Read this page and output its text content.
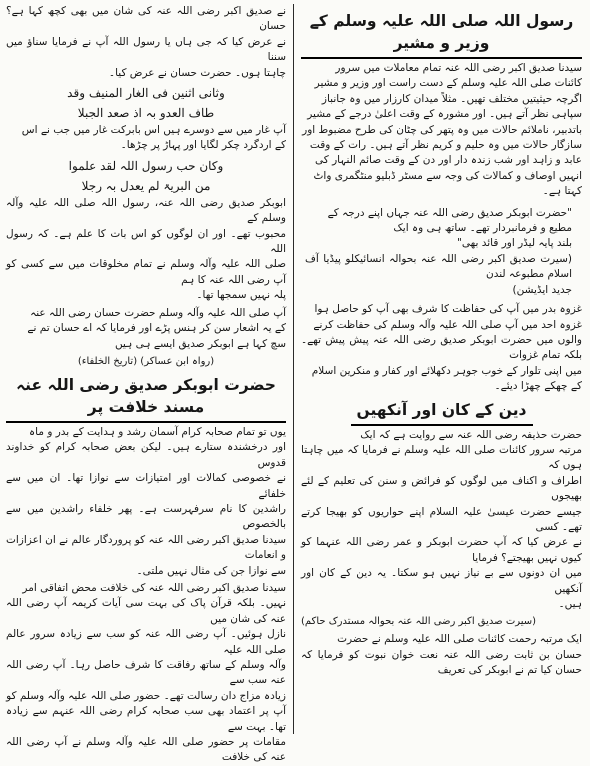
رسول اللہ صلی اللہ علیہ وسلم کے وزیر و مشیر
سیدنا صدیق اکبر رضی اللہ عنہ تمام معاملات میں سرور
کائنات صلی اللہ علیہ وسلم کے دست راست اور وزیر و مشیر
اگرچہ حیثیتیں مختلف تھیں۔ مثلاً میدان کارزار میں وہ جانباز
سپاہی نظر آتے ہیں۔ اور مشورہ کے وقت اعلیٰ درجے کے مشیر
باتدبیر، ناملائم حالات میں وہ پتھر کی چٹان کی طرح مضبوط اور
سازگار حالات میں وہ حلیم و کریم نظر آتے ہیں۔ رات کے وقت
عابد و زاہد اور شب زندہ دار اور دن کے وقت صائم النہار کی
انہیں اوصاف و کمالات کی وجہ سے مسٹر ڈبلیو منٹگمری واٹ
کہتا ہے۔
"حضرت ابوبکر صدیق رضی اللہ عنہ جہاں اپنے درجہ کے
مطیع و فرمانبردار تھے۔ ساتھ ہی وہ ایک
بلند پایہ لیڈر اور قائد بھی"
(سیرت صدیق اکبر رضی اللہ عنہ بحوالہ انسائیکلو پیڈیا آف اسلام مطبوعہ لندن
جدید ایڈیشن)
غزوہ بدر میں آپ کی حفاظت کا شرف بھی آپ کو حاصل ہوا
غزوہ احد میں آپ صلی اللہ علیہ وآلہ وسلم کی حفاظت کرنے
والوں میں حضرت ابوبکر صدیق رضی اللہ عنہ پیش پیش تھے۔ بلکہ تمام غزوات
میں اپنی تلوار کے خوب جوہر دکھلائے اور کفار و منکرین اسلام
کے چھکے چھڑا دیئے۔
دین کے کان اور آنکھیں
حضرت حذیفہ رضی اللہ عنہ سے روایت ہے کہ ایک
مرتبہ سرور کائنات صلی اللہ علیہ وسلم نے فرمایا کہ میں چاہتا ہوں کہ
اطراف و اکناف میں لوگوں کو فرائض و سنن کی تعلیم کے لئے بھیجوں
جیسے حضرت عیسیٰ علیہ السلام اپنے حواریوں کو بھیجا کرتے تھے۔ کسی
نے عرض کیا کہ آپ حضرت ابوبکر و عمر رضی اللہ عنہما کو کیوں نہیں بھیجتے؟ فرمایا
میں ان دونوں سے بے نیاز نہیں ہو سکتا۔ یہ دین کے کان اور آنکھیں
ہیں۔
(سیرت صدیق اکبر رضی اللہ عنہ بحوالہ مستدرک حاکم)
ایک مرتبہ رحمت کائنات صلی اللہ علیہ وسلم نے حضرت
حسان بن ثابت رضی اللہ عنہ نعت خوان نبوت کو فرمایا کہ حسان کیا تم نے ابوبکر کی تعریف
نے صدیق اکبر رضی اللہ عنہ کی شان میں بھی کچھ کہا ہے؟ حسان
نے عرض کیا کہ جی ہاں یا رسول اللہ آپ نے فرمایا سناؤ میں سننا
چاہتا ہوں۔ حضرت حسان نے عرض کیا۔
وثانی اثنین فی الغار المنیف وقد
طاف العدو بہ اذ صعد الجبلا
آپ غار میں سے دوسرے ہیں اس بابرکت غار میں جب نے اس
کے اردگرد چکر لگایا اور پہاڑ پر چڑھا۔
وکان حب رسول اللہ لقد علموا
من البریۃ لم یعدل بہ رجلا
ابوبکر صدیق رضی اللہ عنہ، رسول اللہ صلی اللہ علیہ وآلہ وسلم کے
محبوب تھے۔ اور ان لوگوں کو اس بات کا علم ہے۔ کہ رسول اللہ
صلی اللہ علیہ وآلہ وسلم نے تمام مخلوقات میں سے کسی کو آپ رضی اللہ عنہ کا ہم
پلہ نہیں سمجھا تھا۔
آپ صلی اللہ علیہ وآلہ وسلم حضرت حسان رضی اللہ عنہ
کے یہ اشعار سن کر ہنس پڑے اور فرمایا کہ اے حسان تم نے
سچ کہا ہے ابوبکر صدیق ایسے ہی ہیں
(رواہ ابن عساکر) (تاریخ الخلفاء)
حضرت ابوبکر صدیق رضی اللہ عنہ مسند خلافت پر
یوں تو تمام صحابہ کرام آسمان رشد و ہدایت کے بدر و ماہ
اور درخشندہ ستارے ہیں۔ لیکن بعض صحابہ کرام کو خداوند قدوس
نے خصوصی کمالات اور امتیازات سے نوازا تھا۔ ان میں سے خلفائے
راشدین کا نام سرفہرست ہے۔ پھر خلفاء راشدین میں سے بالخصوص
سیدنا صدیق اکبر رضی اللہ عنہ کو پروردگار عالم نے ان اعزازات و انعامات
سے نوازا جن کی مثال نہیں ملتی۔
سیدنا صدیق اکبر رضی اللہ عنہ کی خلافت محض اتفاقی امر
نہیں۔ بلکہ قرآن پاک کی بہت سی آیات کریمہ آپ رضی اللہ عنہ کی شان میں
نازل ہوئیں۔ آپ رضی اللہ عنہ کو سب سے زیادہ سرور عالم صلی اللہ علیہ
وآلہ وسلم کے ساتھ رفاقت کا شرف حاصل رہا۔ آپ رضی اللہ عنہ سب سے
زیادہ مزاج دان رسالت تھے۔ حضور صلی اللہ علیہ وآلہ وسلم کو
آپ پر اعتماد بھی سب صحابہ کرام رضی اللہ عنہم سے زیادہ تھا۔ بہت سے
مقامات پر حضور صلی اللہ علیہ وآلہ وسلم نے آپ رضی اللہ عنہ کی خلافت
